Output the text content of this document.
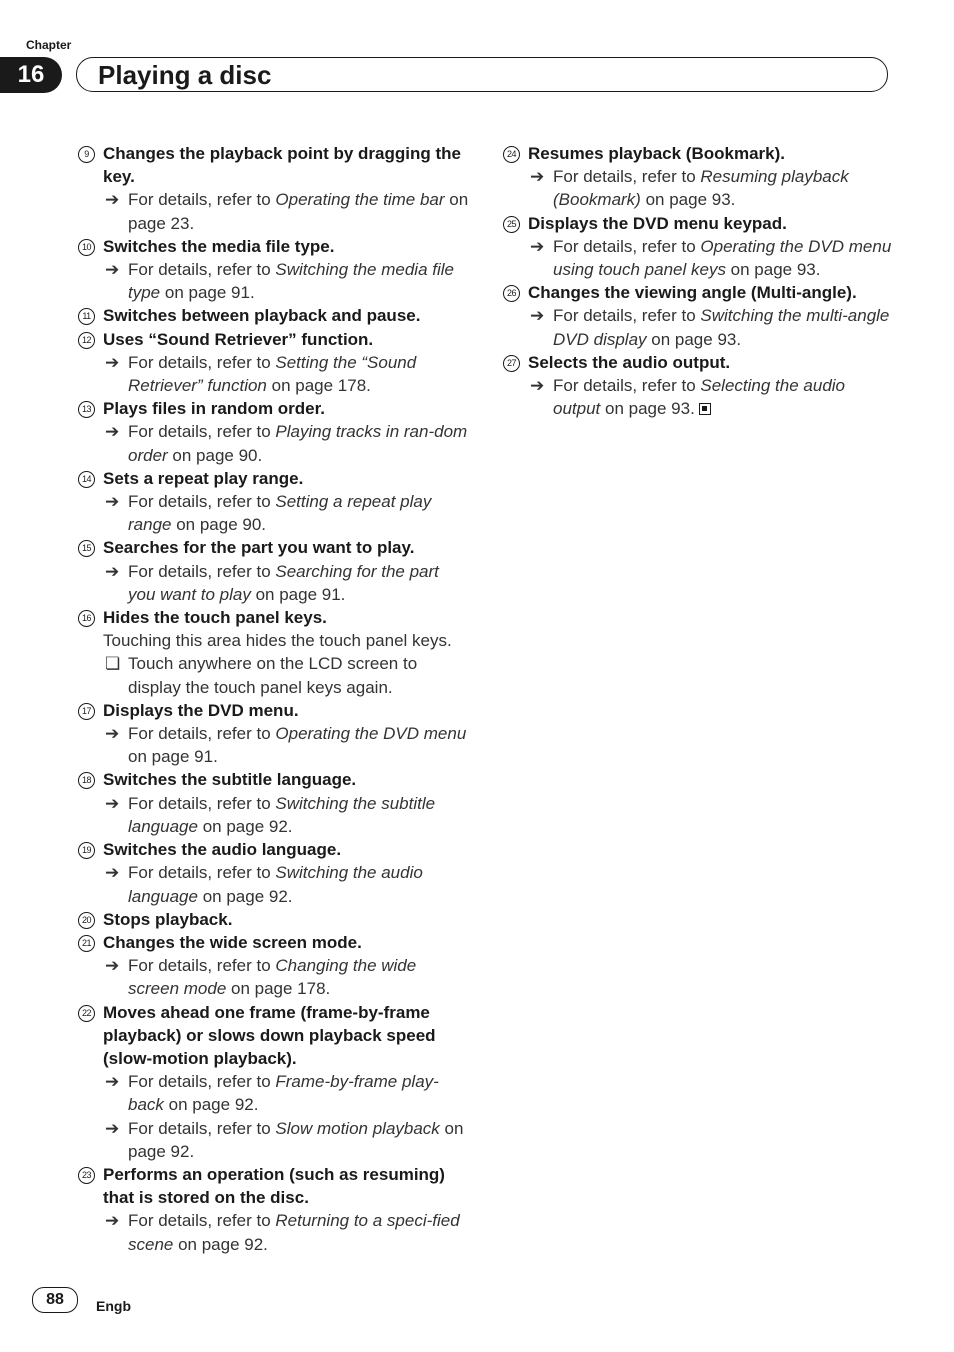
Chapter
16	Playing a disc
9 Changes the playback point by dragging the key.
➔ For details, refer to Operating the time bar on page 23.
10 Switches the media file type.
➔ For details, refer to Switching the media file type on page 91.
11 Switches between playback and pause.
12 Uses “Sound Retriever” function.
➔ For details, refer to Setting the “Sound Retriever” function on page 178.
13 Plays files in random order.
➔ For details, refer to Playing tracks in ran-dom order on page 90.
14 Sets a repeat play range.
➔ For details, refer to Setting a repeat play range on page 90.
15 Searches for the part you want to play.
➔ For details, refer to Searching for the part you want to play on page 91.
16 Hides the touch panel keys.
Touching this area hides the touch panel keys.
❏ Touch anywhere on the LCD screen to display the touch panel keys again.
17 Displays the DVD menu.
➔ For details, refer to Operating the DVD menu on page 91.
18 Switches the subtitle language.
➔ For details, refer to Switching the subtitle language on page 92.
19 Switches the audio language.
➔ For details, refer to Switching the audio language on page 92.
20 Stops playback.
21 Changes the wide screen mode.
➔ For details, refer to Changing the wide screen mode on page 178.
22 Moves ahead one frame (frame-by-frame playback) or slows down playback speed (slow-motion playback).
➔ For details, refer to Frame-by-frame play-back on page 92.
➔ For details, refer to Slow motion playback on page 92.
23 Performs an operation (such as resuming) that is stored on the disc.
➔ For details, refer to Returning to a speci-fied scene on page 92.
24 Resumes playback (Bookmark).
➔ For details, refer to Resuming playback (Bookmark) on page 93.
25 Displays the DVD menu keypad.
➔ For details, refer to Operating the DVD menu using touch panel keys on page 93.
26 Changes the viewing angle (Multi-angle).
➔ For details, refer to Switching the multi-angle DVD display on page 93.
27 Selects the audio output.
➔ For details, refer to Selecting the audio output on page 93.
88	Engb
